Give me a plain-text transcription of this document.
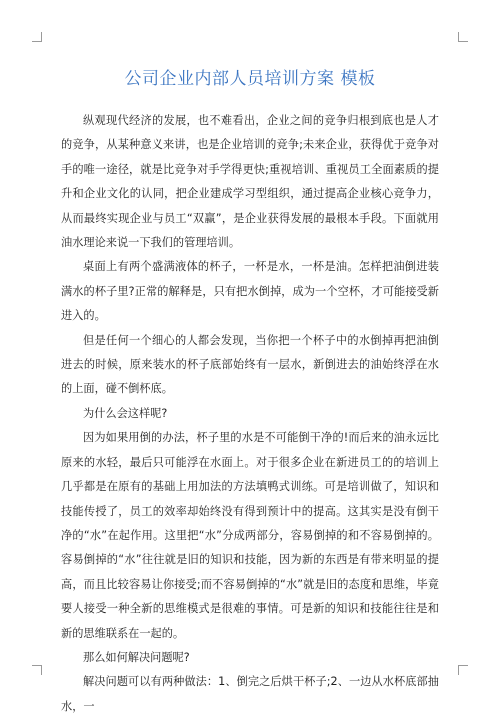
公司企业内部人员培训方案 模板

纵观现代经济的发展，也不难看出，企业之间的竞争归根到底也是人才的竞争，从某种意义来讲，也是企业培训的竞争;未来企业，获得优于竞争对手的唯一途径，就是比竞争对手学得更快;重视培训、重视员工全面素质的提升和企业文化的认同，把企业建成学习型组织，通过提高企业核心竞争力，从而最终实现企业与员工“双赢”，是企业获得发展的最根本手段。下面就用油水理论来说一下我们的管理培训。

桌面上有两个盛满液体的杯子，一杯是水，一杯是油。怎样把油倒进装满水的杯子里?正常的解释是，只有把水倒掉，成为一个空杯，才可能接受新进入的。

但是任何一个细心的人都会发现，当你把一个杯子中的水倒掉再把油倒进去的时候，原来装水的杯子底部始终有一层水，新倒进去的油始终浮在水的上面，碰不倒杯底。

为什么会这样呢?

因为如果用倒的办法，杯子里的水是不可能倒干净的!而后来的油永远比原来的水轻，最后只可能浮在水面上。对于很多企业在新进员工的的培训上几乎都是在原有的基础上用加法的方法填鸭式训练。可是培训做了，知识和技能传授了，员工的效率却始终没有得到预计中的提高。这其实是没有倒干净的“水”在起作用。这里把“水”分成两部分，容易倒掉的和不容易倒掉的。容易倒掉的“水”往往就是旧的知识和技能，因为新的东西是有带来明显的提高，而且比较容易让你接受;而不容易倒掉的“水”就是旧的态度和思维，毕竟要人接受一种全新的思维模式是很难的事情。可是新的知识和技能往往是和新的思维联系在一起的。

那么如何解决问题呢?

解决问题可以有两种做法：1、倒完之后烘干杯子;2、一边从水杯底部抽水，一
